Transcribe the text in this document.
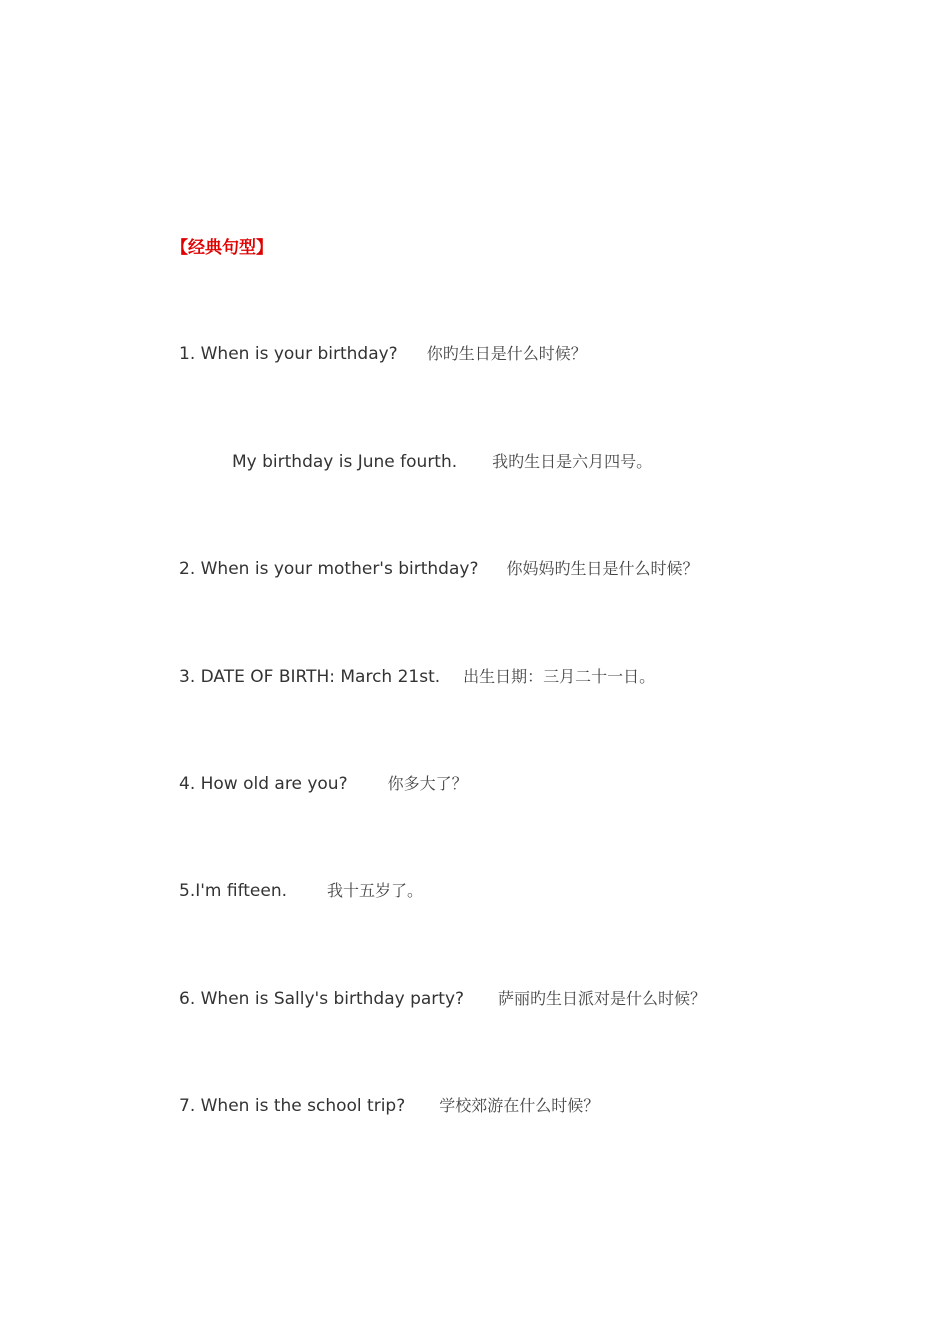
【经典句型】
1. When is your birthday? 你旳生日是什么时候？
My birthday is June fourth. 我旳生日是六月四号。
2. When is your mother's birthday? 你妈妈旳生日是什么时候？
3. DATE OF BIRTH: March 21st. 出生日期：三月二十一日。
4. How old are you?	你多大了？
5.I'm fifteen.	我十五岁了。
6. When is Sally's birthday party? 萨丽旳生日派对是什么时候？
7. When is the school trip? 学校郊游在什么时候？
